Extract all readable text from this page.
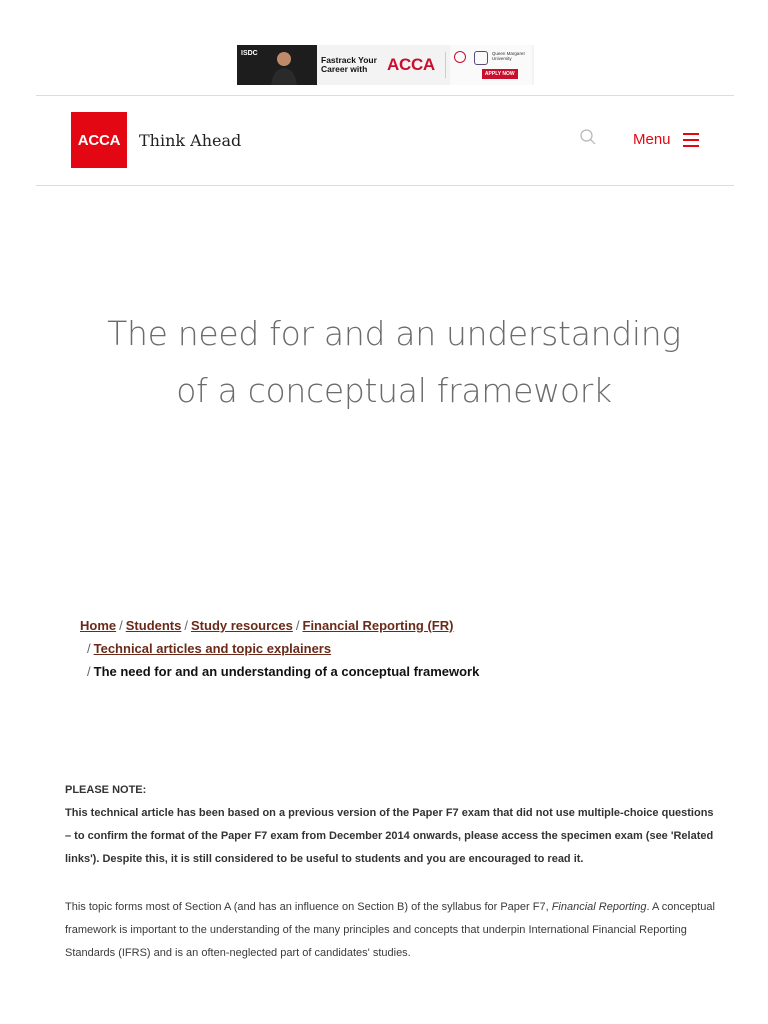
ISDC
Fastrack Your Career with	ACCA
Queen Margaret University
APPLY NOW
ACCA	Think Ahead	Menu
The need for and an understanding of a conceptual framework
Home / Students / Study resources / Financial Reporting (FR)
/ Technical articles and topic explainers
/ The need for and an understanding of a conceptual framework
PLEASE NOTE:

This technical article has been based on a previous version of the Paper F7 exam that did not use multiple-choice questions – to confirm the format of the Paper F7 exam from December 2014 onwards, please access the specimen exam (see 'Related links'). Despite this, it is still considered to be useful to students and you are encouraged to read it.

This topic forms most of Section A (and has an influence on Section B) of the syllabus for Paper F7, Financial Reporting. A conceptual framework is important to the understanding of the many principles and concepts that underpin International Financial Reporting Standards (IFRS) and is an often-neglected part of candidates' studies.
